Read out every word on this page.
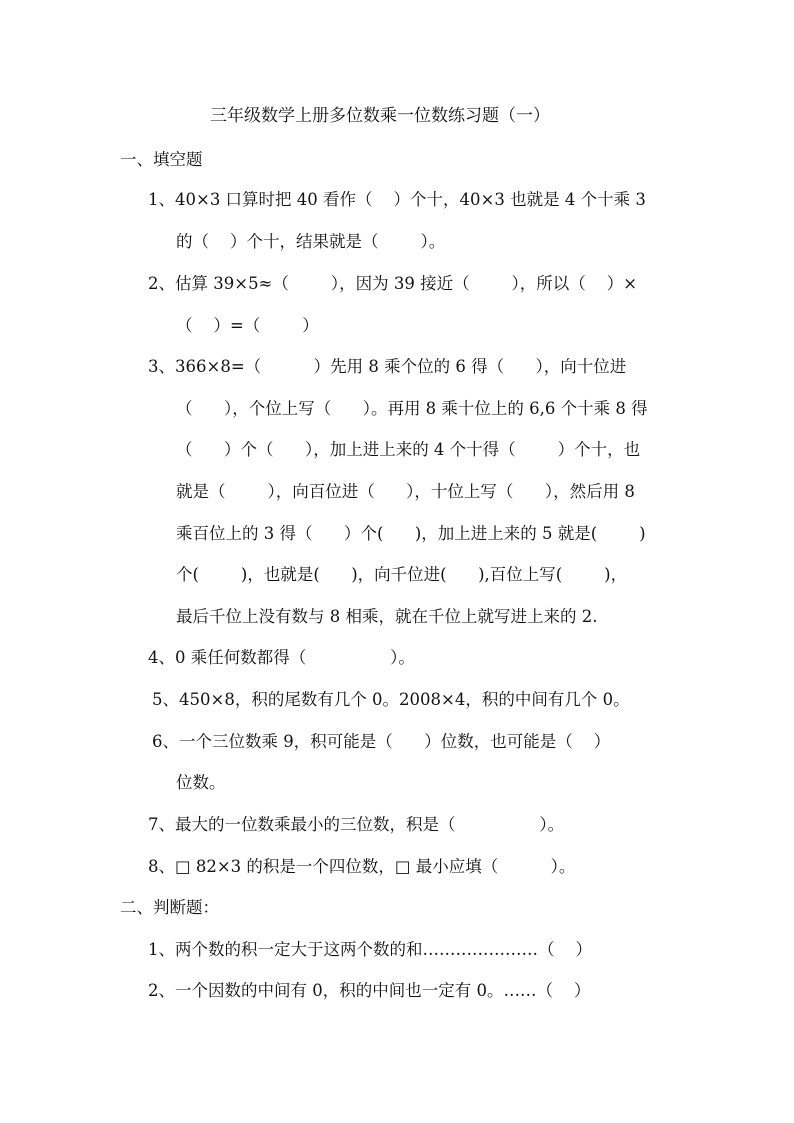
三年级数学上册多位数乘一位数练习题（一）
一、填空题
1、40×3 口算时把 40 看作（    ）个十，40×3 也就是 4 个十乘 3
的（    ）个十，结果就是（        ）。
2、估算 39×5≈（        ），因为 39 接近（        ），所以（    ）×
（    ）=（        ）
3、366×8=（          ）先用 8 乘个位的 6 得（      ），向十位进
（      ），个位上写（      ）。再用 8 乘十位上的 6,6 个十乘 8 得
（      ）个（      ），加上进上来的 4 个十得（        ）个十，也
就是（        ），向百位进（      ），十位上写（      ），然后用 8
乘百位上的 3 得（      ）个(      )，加上进上来的 5 就是(        )
个(        )，也就是(      )，向千位进(      ),百位上写(        )，
最后千位上没有数与 8 相乘，就在千位上就写进上来的 2.
4、0 乘任何数都得（                ）。
5、450×8，积的尾数有几个 0。2008×4，积的中间有几个 0。
6、一个三位数乘 9，积可能是（      ）位数，也可能是（    ）
位数。
7、最大的一位数乘最小的三位数，积是（                ）。
8、□ 82×3 的积是一个四位数，□ 最小应填（          ）。
二、判断题：
1、两个数的积一定大于这两个数的和…………………（    ）
2、一个因数的中间有 0，积的中间也一定有 0。……（    ）
